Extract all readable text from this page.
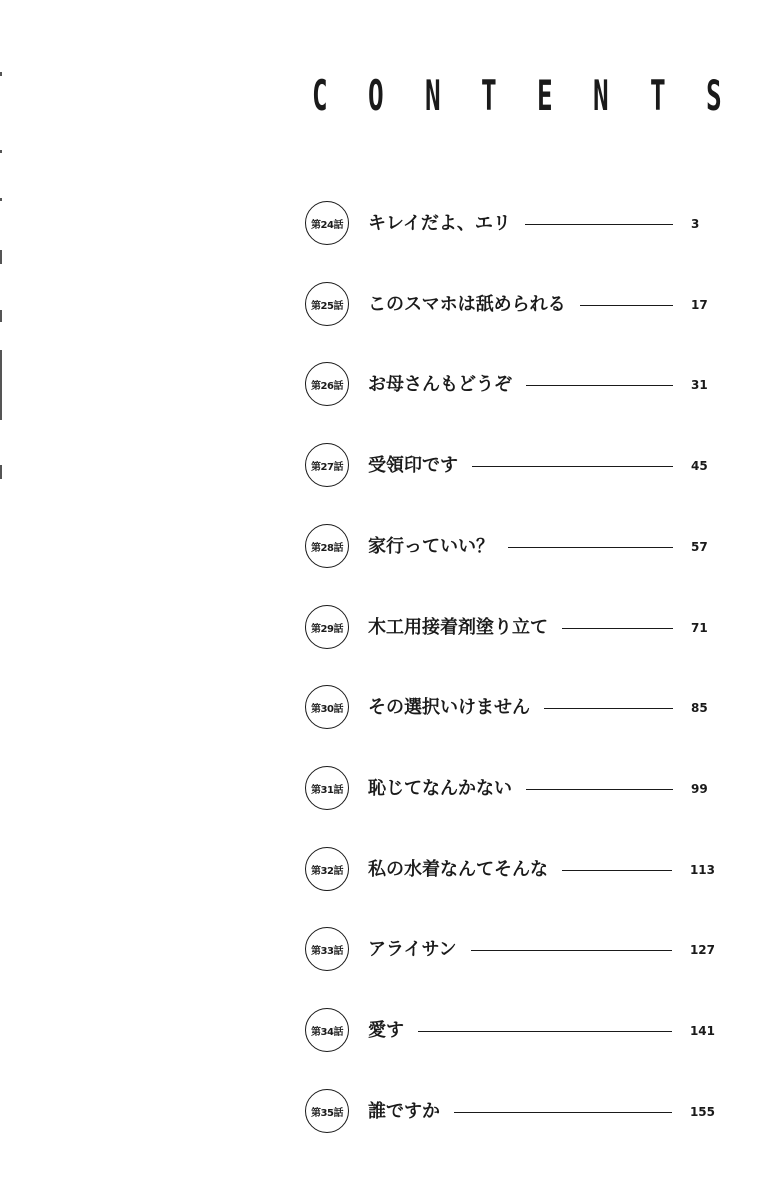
C O N T E N T S
第24話	キレイだよ、エリ	3
第25話	このスマホは舐められる	17
第26話	お母さんもどうぞ	31
第27話	受領印です	45
第28話	家行っていい？	57
第29話	木工用接着剤塗り立て	71
第30話	その選択いけません	85
第31話	恥じてなんかない	99
第32話	私の水着なんてそんな	113
第33話	アライサン	127
第34話	愛す	141
第35話	誰ですか	155
